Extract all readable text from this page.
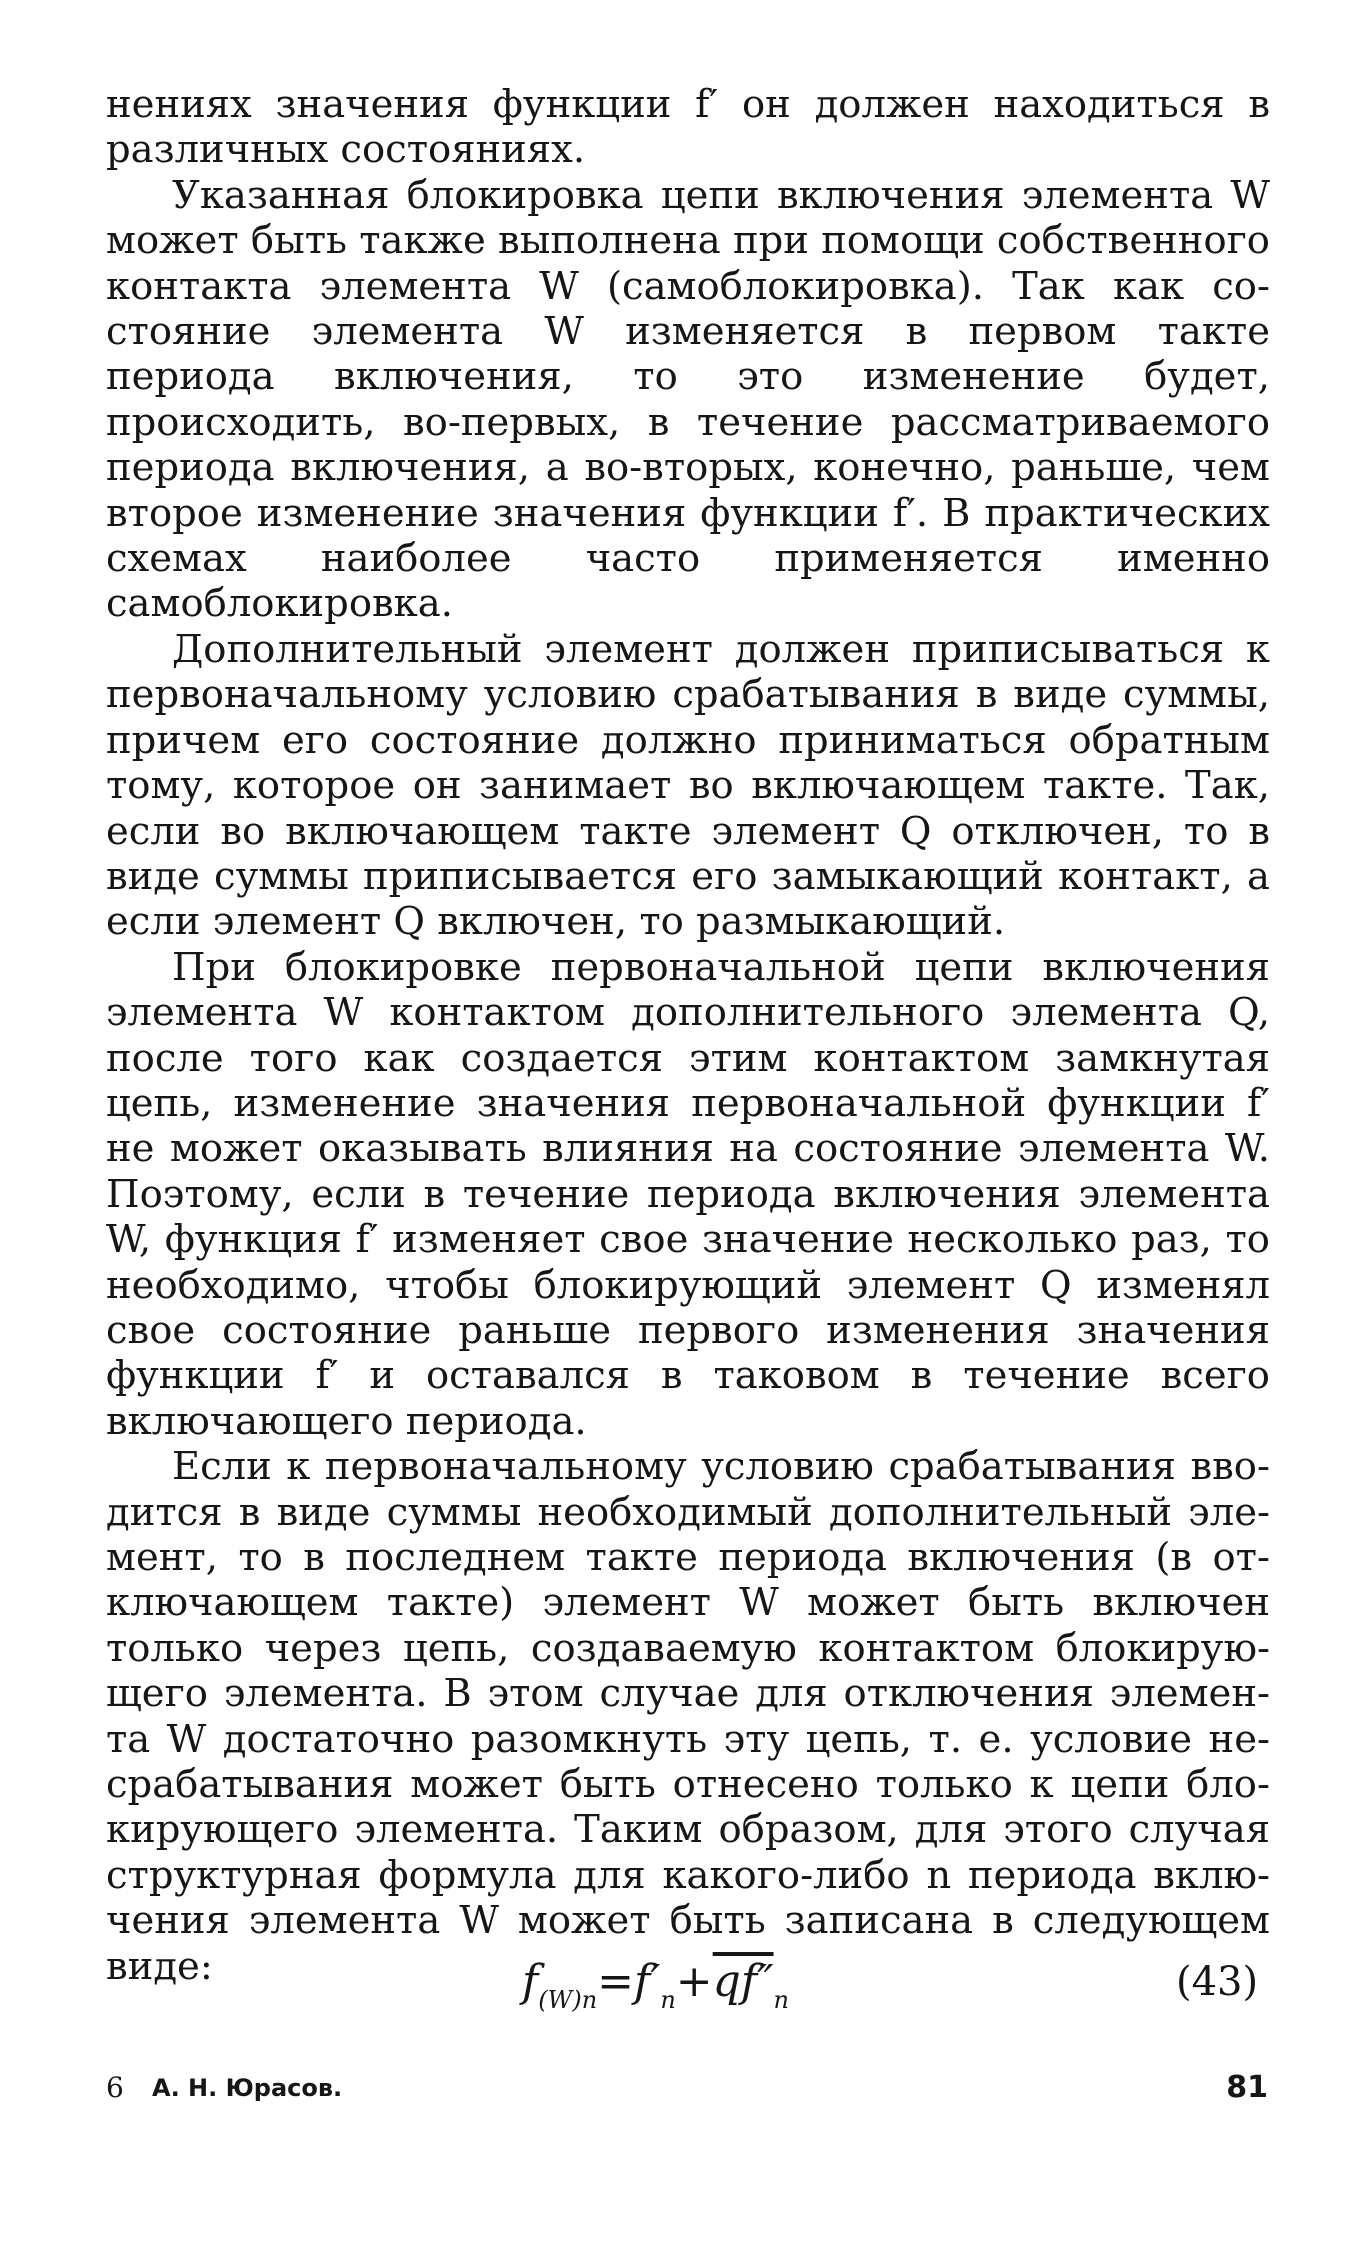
нениях значения функции f′ он должен находиться в различных состояниях.

Указанная блокировка цепи включения элемента W может быть также выполнена при помощи собственного контакта элемента W (самоблокировка). Так как состояние элемента W изменяется в первом такте периода включения, то это изменение будет, происходить, во-первых, в течение рассматриваемого периода включения, а во-вторых, конечно, раньше, чем второе изменение значения функции f′. В практических схемах наиболее часто применяется именно самоблокировка.

Дополнительный элемент должен приписываться к первоначальному условию срабатывания в виде суммы, причем его состояние должно приниматься обратным тому, которое он занимает во включающем такте. Так, если во включающем такте элемент Q отключен, то в виде суммы приписывается его замыкающий контакт, а если элемент Q включен, то размыкающий.

При блокировке первоначальной цепи включения элемента W контактом дополнительного элемента Q, после того как создается этим контактом замкнутая цепь, изменение значения первоначальной функции f′ не может оказывать влияния на состояние элемента W. Поэтому, если в течение периода включения элемента W, функция f′ изменяет свое значение несколько раз, то необходимо, чтобы блокирующий элемент Q изменял свое состояние раньше первого изменения значения функции f′ и оставался в таковом в течение всего включающего периода.

Если к первоначальному условию срабатывания вводится в виде суммы необходимый дополнительный элемент, то в последнем такте периода включения (в отключающем такте) элемент W может быть включен только через цепь, создаваемую контактом блокирующего элемента. В этом случае для отключения элемента W достаточно разомкнуть эту цепь, т. е. условие несрабатывания может быть отнесено только к цепи блокирующего элемента. Таким образом, для этого случая структурная формула для какого-либо n периода включения элемента W может быть записана в следующем виде:	$f_{(W)n}=f'_n+qf''_n$	(43)
6 А. Н. Юрасов.	81
